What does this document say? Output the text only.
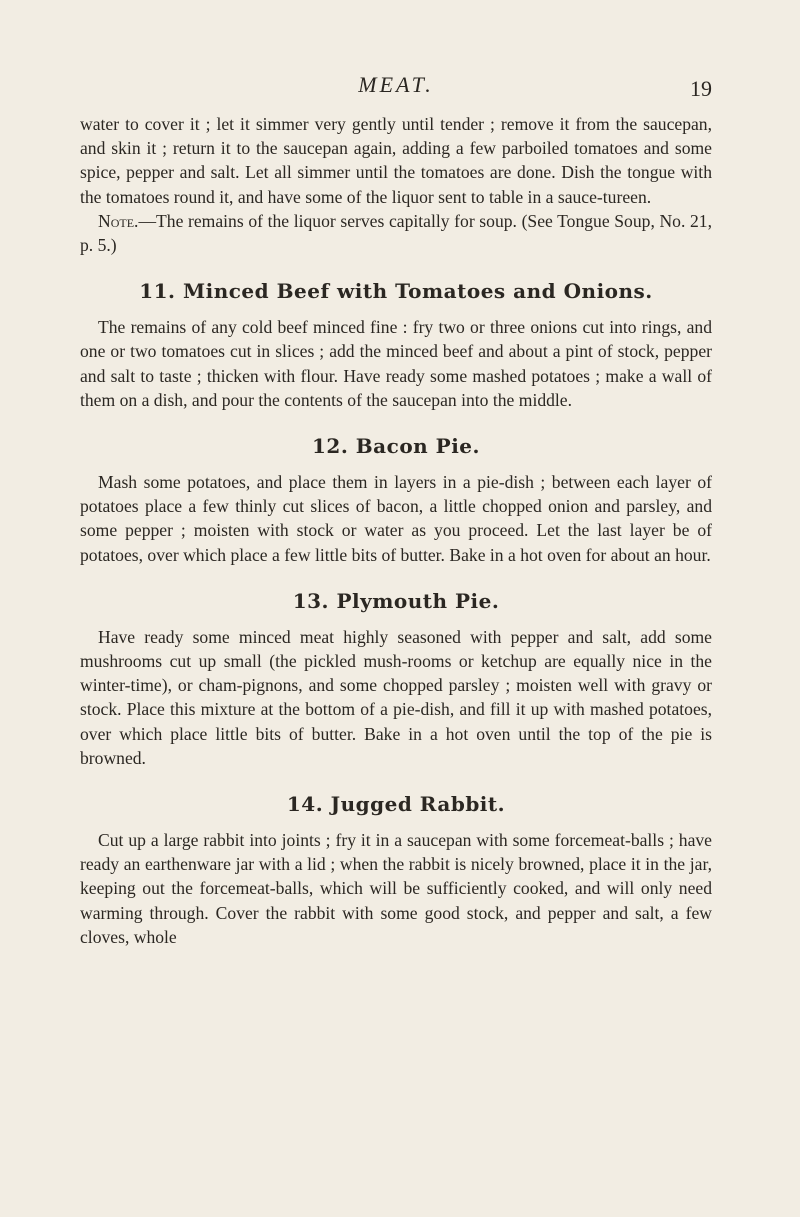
MEAT.	19

water to cover it ; let it simmer very gently until tender ; remove it from the saucepan, and skin it ; return it to the saucepan again, adding a few parboiled tomatoes and some spice, pepper and salt. Let all simmer until the tomatoes are done. Dish the tongue with the tomatoes round it, and have some of the liquor sent to table in a sauce-tureen.

Note.—The remains of the liquor serves capitally for soup. (See Tongue Soup, No. 21, p. 5.)

11. Minced Beef with Tomatoes and Onions.

The remains of any cold beef minced fine : fry two or three onions cut into rings, and one or two tomatoes cut in slices ; add the minced beef and about a pint of stock, pepper and salt to taste ; thicken with flour. Have ready some mashed potatoes ; make a wall of them on a dish, and pour the contents of the saucepan into the middle.

12. Bacon Pie.

Mash some potatoes, and place them in layers in a pie-dish ; between each layer of potatoes place a few thinly cut slices of bacon, a little chopped onion and parsley, and some pepper ; moisten with stock or water as you proceed. Let the last layer be of potatoes, over which place a few little bits of butter. Bake in a hot oven for about an hour.

13. Plymouth Pie.

Have ready some minced meat highly seasoned with pepper and salt, add some mushrooms cut up small (the pickled mush-rooms or ketchup are equally nice in the winter-time), or cham-pignons, and some chopped parsley ; moisten well with gravy or stock. Place this mixture at the bottom of a pie-dish, and fill it up with mashed potatoes, over which place little bits of butter. Bake in a hot oven until the top of the pie is browned.

14. Jugged Rabbit.

Cut up a large rabbit into joints ; fry it in a saucepan with some forcemeat-balls ; have ready an earthenware jar with a lid ; when the rabbit is nicely browned, place it in the jar, keeping out the forcemeat-balls, which will be sufficiently cooked, and will only need warming through. Cover the rabbit with some good stock, and pepper and salt, a few cloves, whole
